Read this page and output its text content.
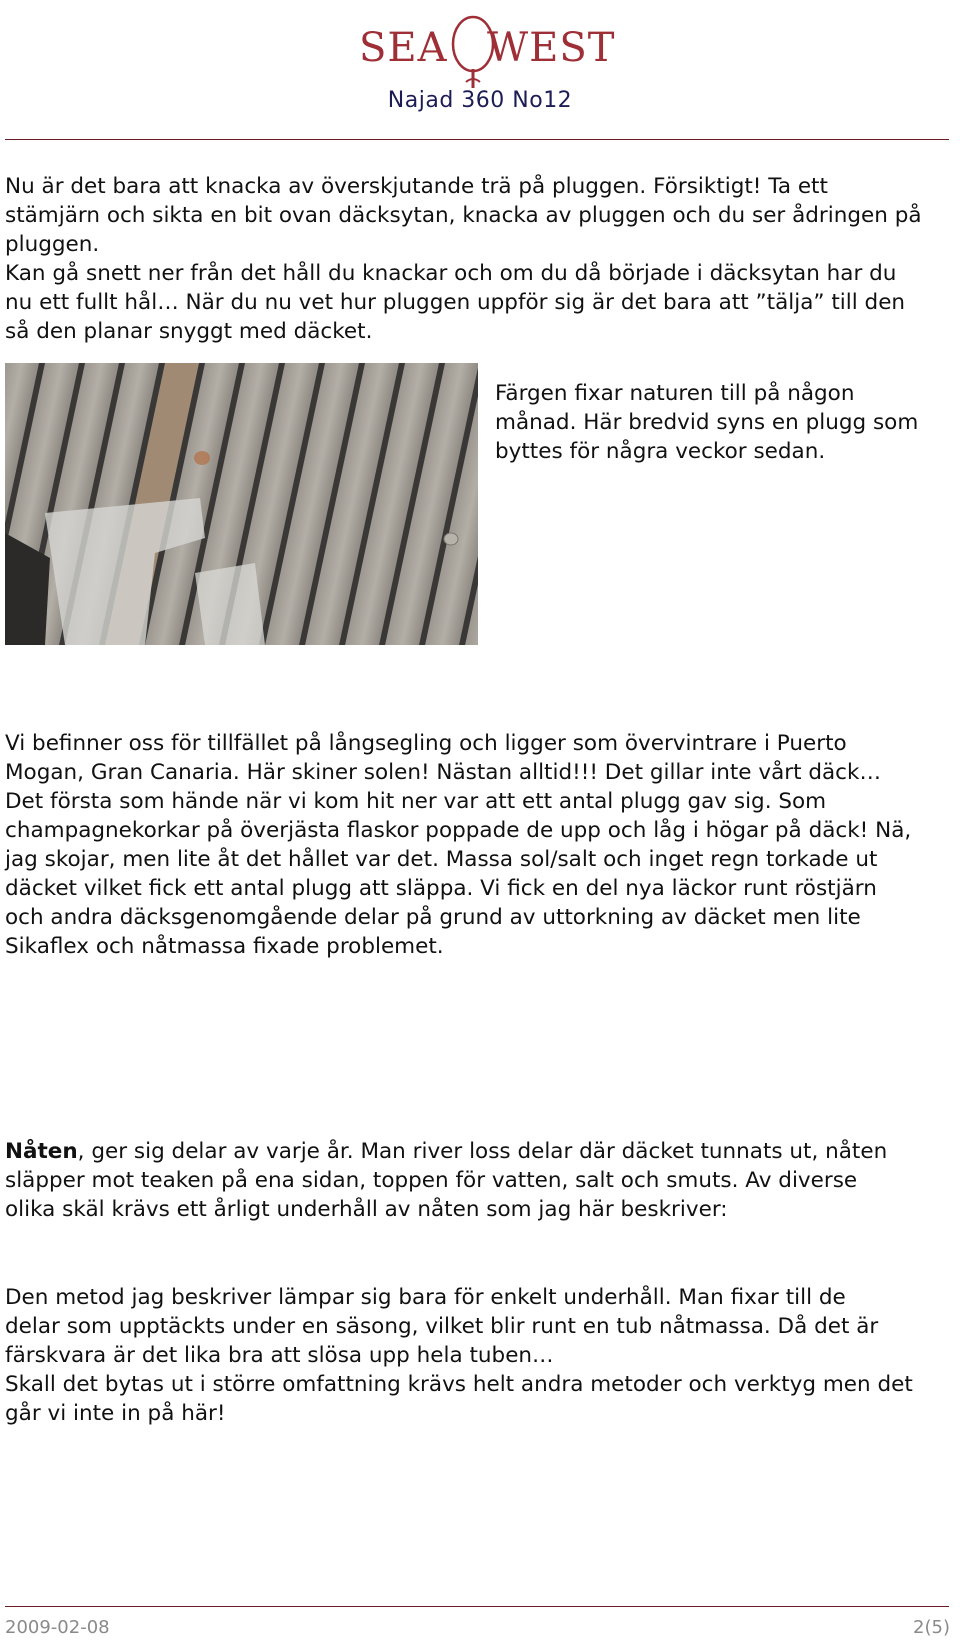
SEA WEST
Najad 360 No12
Nu är det bara att knacka av överskjutande trä på pluggen. Försiktigt! Ta ett
stämjärn och sikta en bit ovan däcksytan, knacka av pluggen och du ser ådringen på
pluggen.
Kan gå snett ner från det håll du knackar och om du då började i däcksytan har du
nu ett fullt hål… När du nu vet hur pluggen uppför sig är det bara att ”tälja” till den
så den planar snyggt med däcket.
Färgen fixar naturen till på någon
månad. Här bredvid syns en plugg som
byttes för några veckor sedan.
Vi befinner oss för tillfället på långsegling och ligger som övervintrare i Puerto
Mogan, Gran Canaria. Här skiner solen! Nästan alltid!!! Det gillar inte vårt däck…
Det första som hände när vi kom hit ner var att ett antal plugg gav sig. Som
champagnekorkar på överjästa flaskor poppade de upp och låg i högar på däck! Nä,
jag skojar, men lite åt det hållet var det. Massa sol/salt och inget regn torkade ut
däcket vilket fick ett antal plugg att släppa. Vi fick en del nya läckor runt röstjärn
och andra däcksgenomgående delar på grund av uttorkning av däcket men lite
Sikaflex och nåtmassa fixade problemet.
Nåten, ger sig delar av varje år. Man river loss delar där däcket tunnats ut, nåten
släpper mot teaken på ena sidan, toppen för vatten, salt och smuts. Av diverse
olika skäl krävs ett årligt underhåll av nåten som jag här beskriver:
Den metod jag beskriver lämpar sig bara för enkelt underhåll. Man fixar till de
delar som upptäckts under en säsong, vilket blir runt en tub nåtmassa. Då det är
färskvara är det lika bra att slösa upp hela tuben…
Skall det bytas ut i större omfattning krävs helt andra metoder och verktyg men det
går vi inte in på här!
2009-02-08	2(5)
